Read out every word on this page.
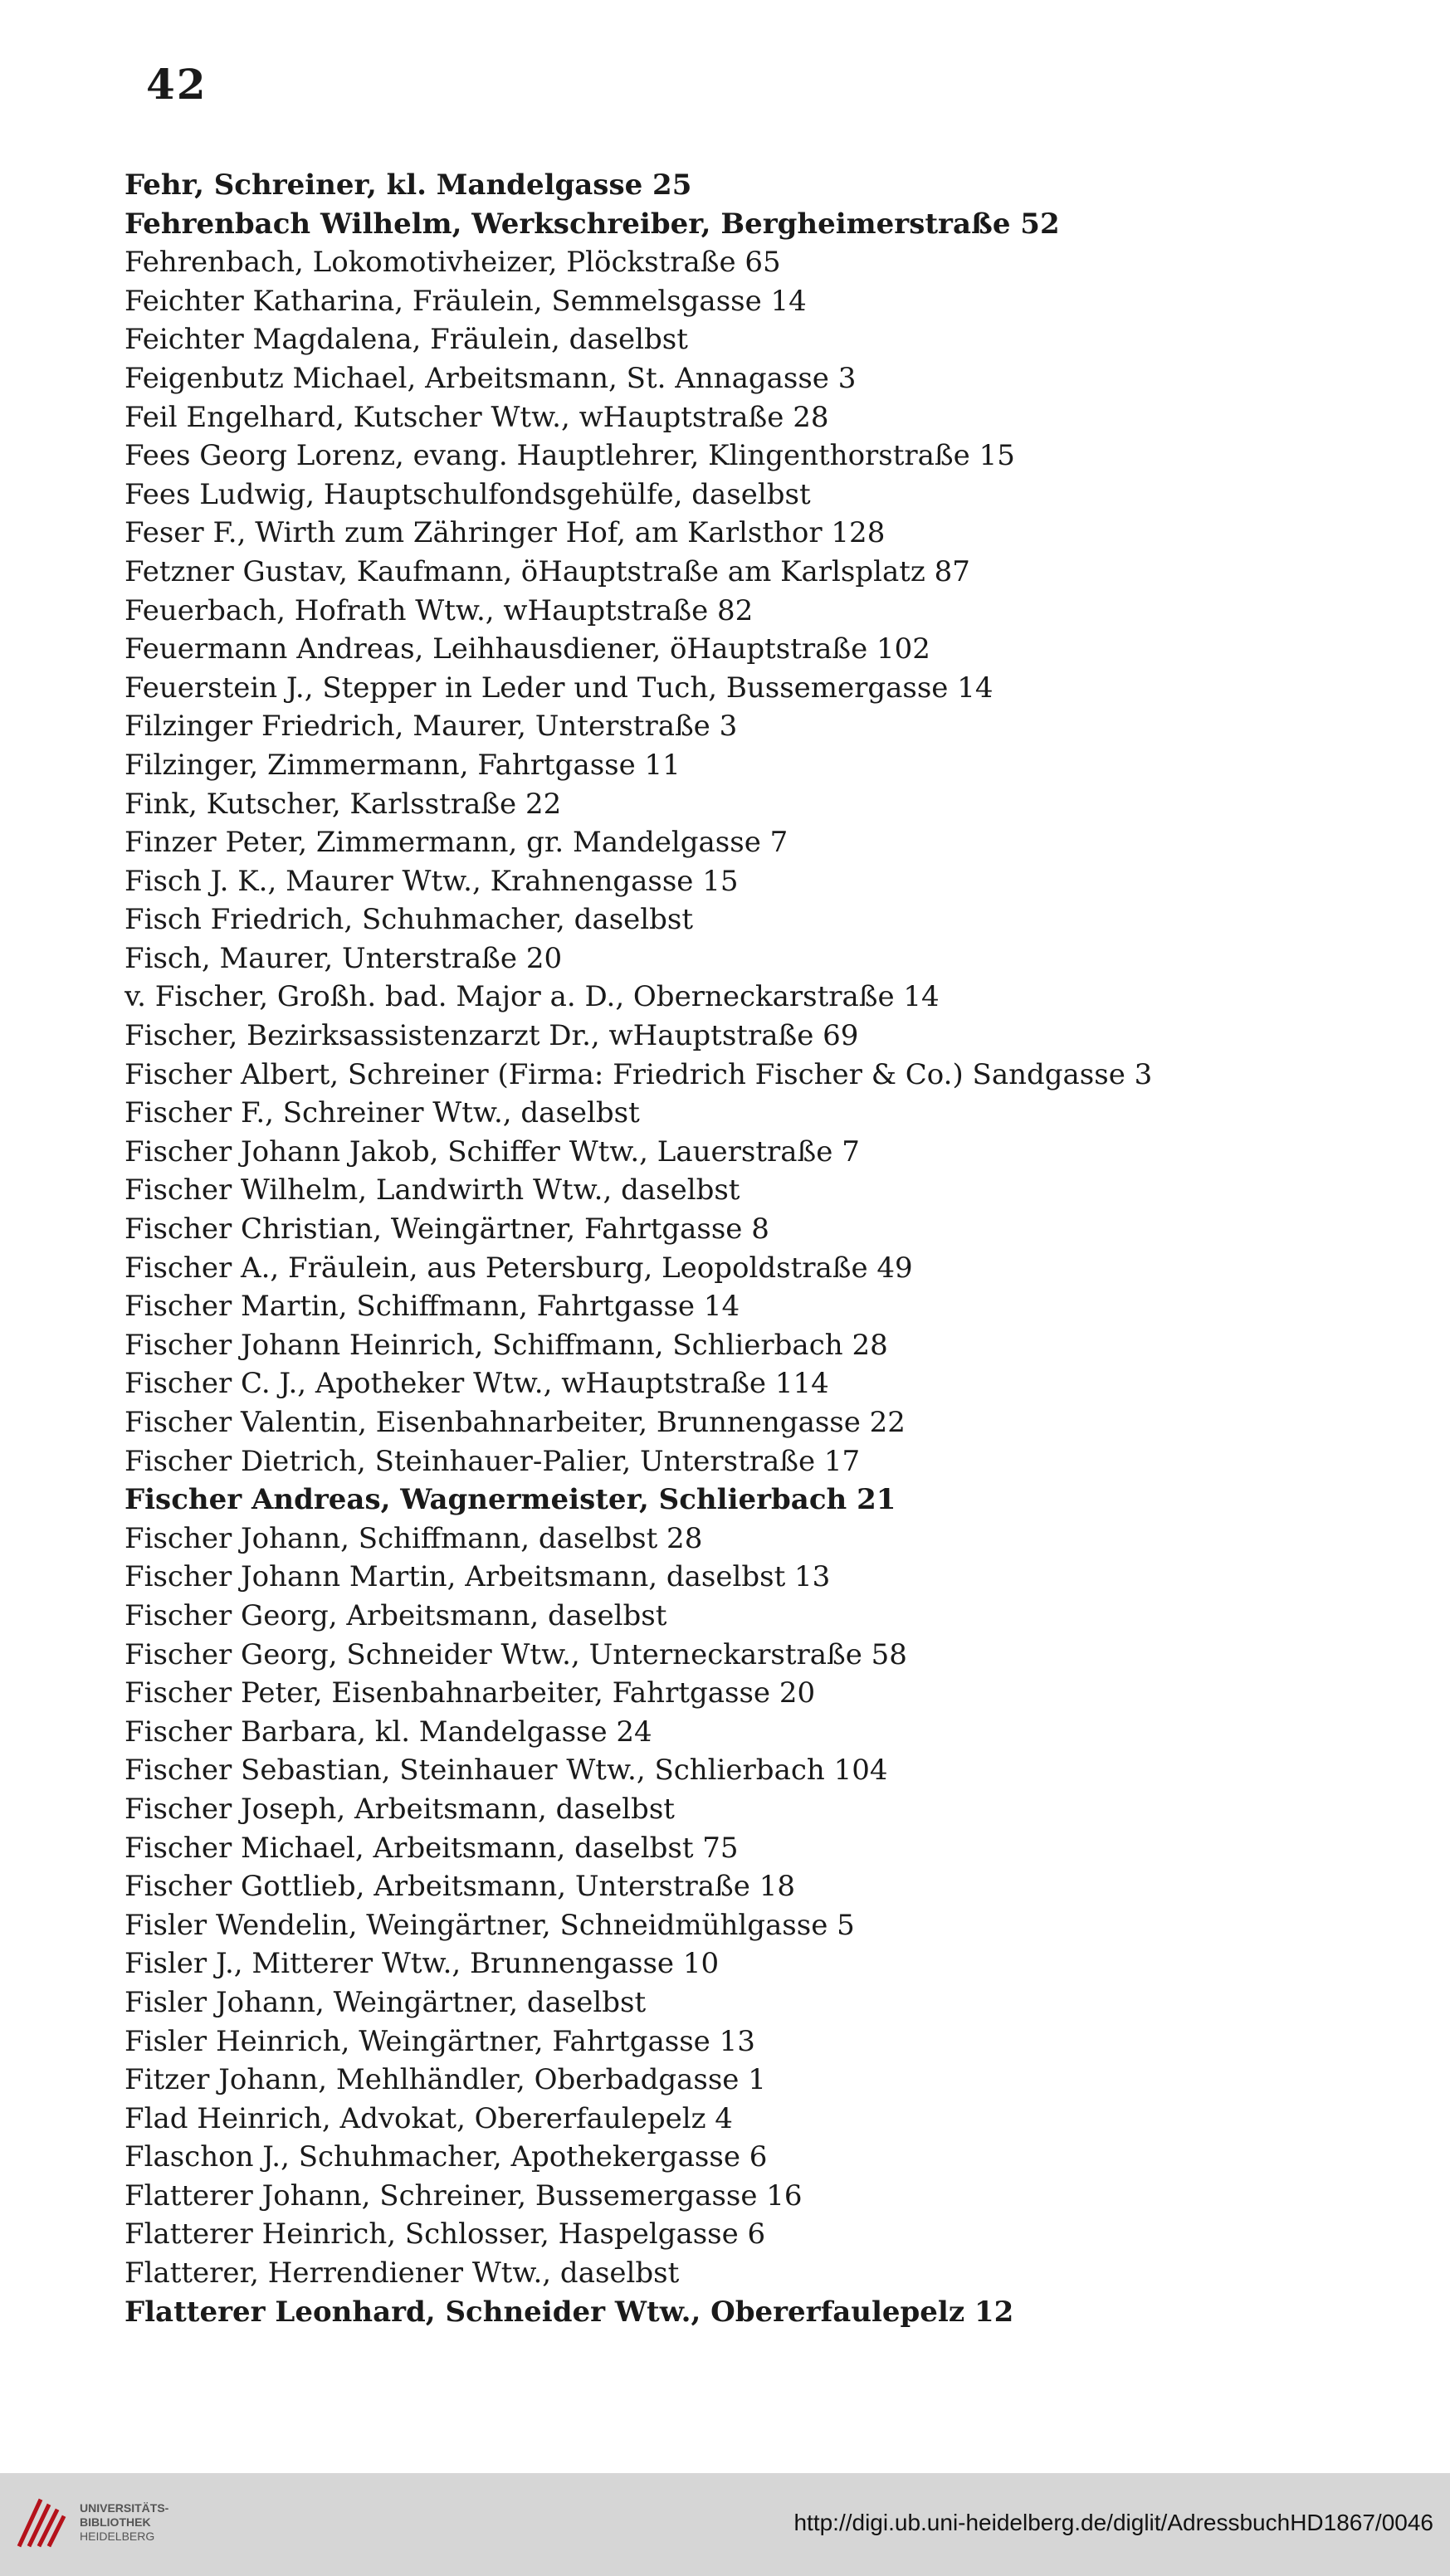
42
Fehr, Schreiner, kl. Mandelgasse 25
Fehrenbach Wilhelm, Werkschreiber, Bergheimerstraße 52
Fehrenbach, Lokomotivheizer, Plöckstraße 65
Feichter Katharina, Fräulein, Semmelsgasse 14
Feichter Magdalena, Fräulein, daselbst
Feigenbutz Michael, Arbeitsmann, St. Annagasse 3
Feil Engelhard, Kutscher Wtw., wHauptstraße 28
Fees Georg Lorenz, evang. Hauptlehrer, Klingenthorstraße 15
Fees Ludwig, Hauptschulfondsgehülfe, daselbst
Feser F., Wirth zum Zähringer Hof, am Karlsthor 128
Fetzner Gustav, Kaufmann, öHauptstraße am Karlsplatz 87
Feuerbach, Hofrath Wtw., wHauptstraße 82
Feuermann Andreas, Leihhausdiener, öHauptstraße 102
Feuerstein J., Stepper in Leder und Tuch, Bussemergasse 14
Filzinger Friedrich, Maurer, Unterstraße 3
Filzinger, Zimmermann, Fahrtgasse 11
Fink, Kutscher, Karlsstraße 22
Finzer Peter, Zimmermann, gr. Mandelgasse 7
Fisch J. K., Maurer Wtw., Krahnengasse 15
Fisch Friedrich, Schuhmacher, daselbst
Fisch, Maurer, Unterstraße 20
v. Fischer, Großh. bad. Major a. D., Oberneckarstraße 14
Fischer, Bezirksassistenzarzt Dr., wHauptstraße 69
Fischer Albert, Schreiner (Firma: Friedrich Fischer & Co.) Sandgasse 3
Fischer F., Schreiner Wtw., daselbst
Fischer Johann Jakob, Schiffer Wtw., Lauerstraße 7
Fischer Wilhelm, Landwirth Wtw., daselbst
Fischer Christian, Weingärtner, Fahrtgasse 8
Fischer A., Fräulein, aus Petersburg, Leopoldstraße 49
Fischer Martin, Schiffmann, Fahrtgasse 14
Fischer Johann Heinrich, Schiffmann, Schlierbach 28
Fischer C. J., Apotheker Wtw., wHauptstraße 114
Fischer Valentin, Eisenbahnarbeiter, Brunnengasse 22
Fischer Dietrich, Steinhauer-Palier, Unterstraße 17
Fischer Andreas, Wagnermeister, Schlierbach 21
Fischer Johann, Schiffmann, daselbst 28
Fischer Johann Martin, Arbeitsmann, daselbst 13
Fischer Georg, Arbeitsmann, daselbst
Fischer Georg, Schneider Wtw., Unterneckarstraße 58
Fischer Peter, Eisenbahnarbeiter, Fahrtgasse 20
Fischer Barbara, kl. Mandelgasse 24
Fischer Sebastian, Steinhauer Wtw., Schlierbach 104
Fischer Joseph, Arbeitsmann, daselbst
Fischer Michael, Arbeitsmann, daselbst 75
Fischer Gottlieb, Arbeitsmann, Unterstraße 18
Fisler Wendelin, Weingärtner, Schneidmühlgasse 5
Fisler J., Mitterer Wtw., Brunnengasse 10
Fisler Johann, Weingärtner, daselbst
Fisler Heinrich, Weingärtner, Fahrtgasse 13
Fitzer Johann, Mehlhändler, Oberbadgasse 1
Flad Heinrich, Advokat, Obererfaulepelz 4
Flaschon J., Schuhmacher, Apothekergasse 6
Flatterer Johann, Schreiner, Bussemergasse 16
Flatterer Heinrich, Schlosser, Haspelgasse 6
Flatterer, Herrendiener Wtw., daselbst
Flatterer Leonhard, Schneider Wtw., Obererfaulepelz 12
UNIVERSITÄTS-
BIBLIOTHEK
HEIDELBERG
http://digi.ub.uni-heidelberg.de/diglit/AdressbuchHD1867/0046
